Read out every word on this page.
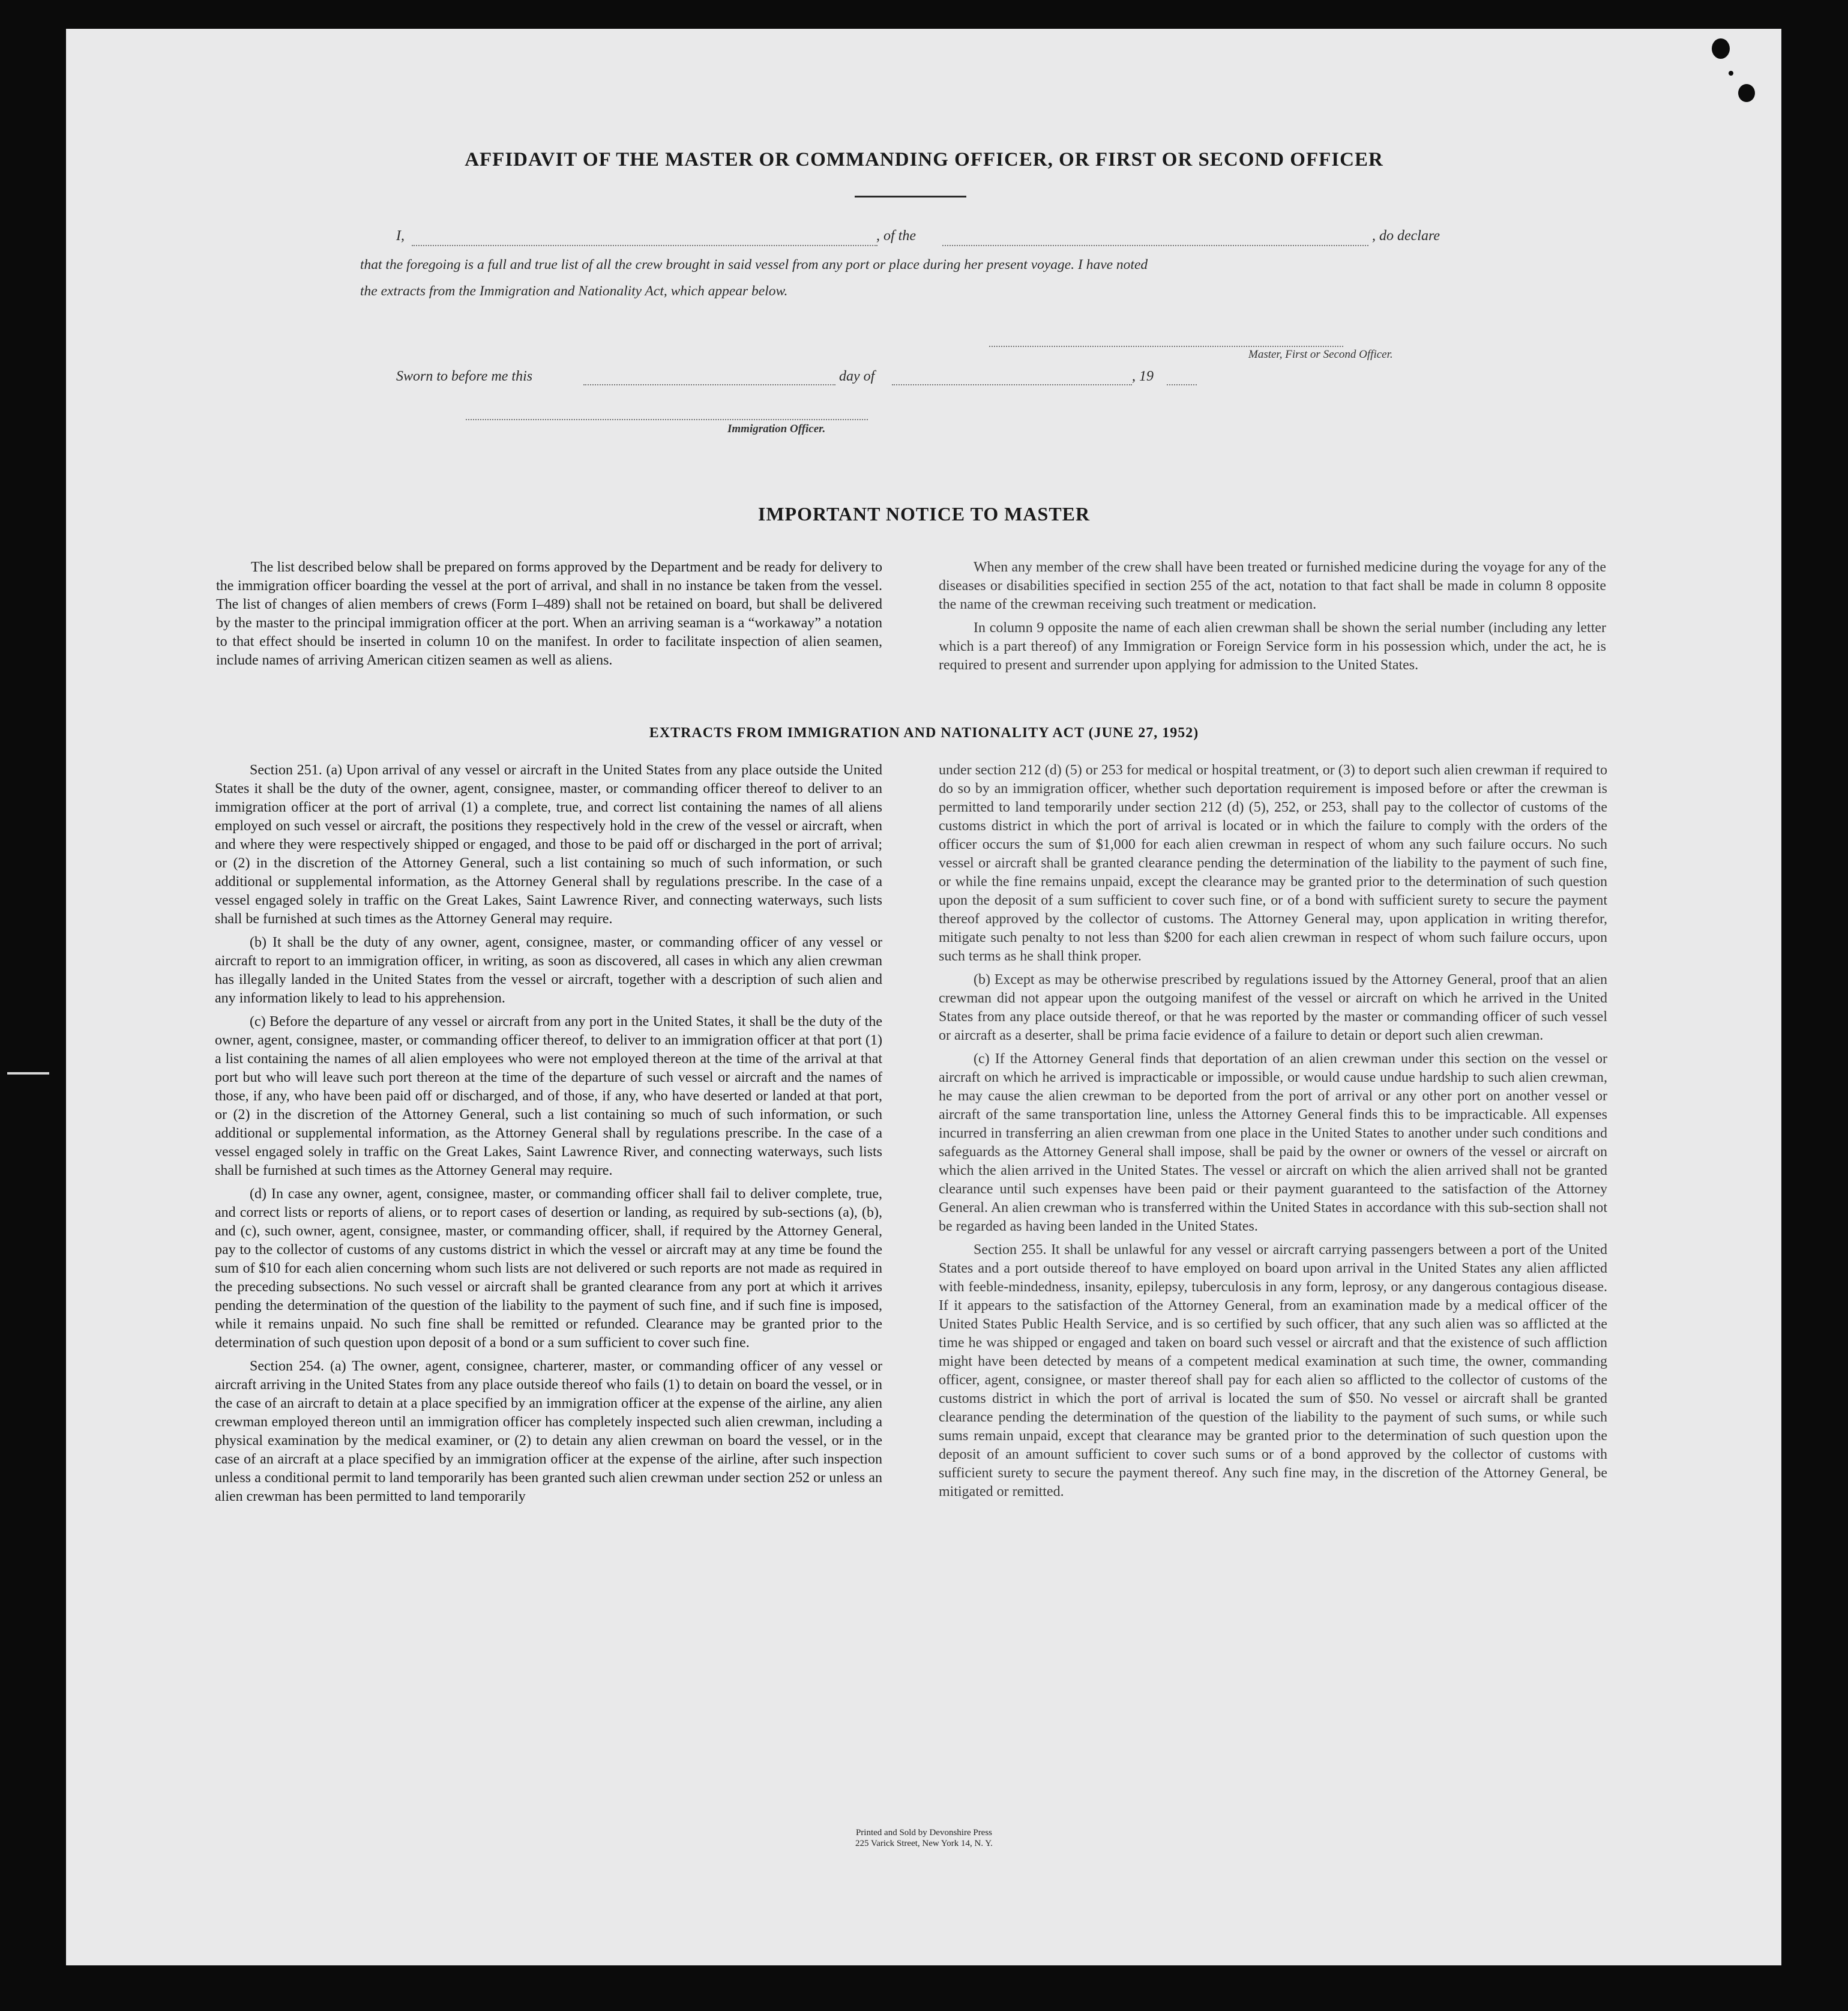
AFFIDAVIT OF THE MASTER OR COMMANDING OFFICER, OR FIRST OR SECOND OFFICER
I,	, of the	, do declare
that the foregoing is a full and true list of all the crew brought in said vessel from any port or place during her present voyage. I have noted
the extracts from the Immigration and Nationality Act, which appear below.
Master, First or Second Officer.
Sworn to before me this	day of	, 19
Immigration Officer.
IMPORTANT NOTICE TO MASTER

The list described below shall be prepared on forms approved by the Department and be ready for delivery to the immigration officer boarding the vessel at the port of arrival, and shall in no instance be taken from the vessel. The list of changes of alien members of crews (Form I–489) shall not be retained on board, but shall be delivered by the master to the principal immigration officer at the port. When an arriving seaman is a “workaway” a notation to that effect should be inserted in column 10 on the manifest. In order to facilitate inspection of alien seamen, include names of arriving American citizen seamen as well as aliens.

When any member of the crew shall have been treated or furnished medicine during the voyage for any of the diseases or disabilities specified in section 255 of the act, notation to that fact shall be made in column 8 opposite the name of the crewman receiving such treatment or medication.

In column 9 opposite the name of each alien crewman shall be shown the serial number (including any letter which is a part thereof) of any Immigration or Foreign Service form in his possession which, under the act, he is required to present and surrender upon applying for admission to the United States.

EXTRACTS FROM IMMIGRATION AND NATIONALITY ACT (JUNE 27, 1952)

Section 251. (a) Upon arrival of any vessel or aircraft in the United States from any place outside the United States it shall be the duty of the owner, agent, consignee, master, or commanding officer thereof to deliver to an immigration officer at the port of arrival (1) a complete, true, and correct list containing the names of all aliens employed on such vessel or aircraft, the positions they respectively hold in the crew of the vessel or aircraft, when and where they were respectively shipped or engaged, and those to be paid off or discharged in the port of arrival; or (2) in the discretion of the Attorney General, such a list containing so much of such information, or such additional or supplemental information, as the Attorney General shall by regulations prescribe. In the case of a vessel engaged solely in traffic on the Great Lakes, Saint Lawrence River, and connecting waterways, such lists shall be furnished at such times as the Attorney General may require.

(b) It shall be the duty of any owner, agent, consignee, master, or commanding officer of any vessel or aircraft to report to an immigration officer, in writing, as soon as discovered, all cases in which any alien crewman has illegally landed in the United States from the vessel or aircraft, together with a description of such alien and any information likely to lead to his apprehension.

(c) Before the departure of any vessel or aircraft from any port in the United States, it shall be the duty of the owner, agent, consignee, master, or commanding officer thereof, to deliver to an immigration officer at that port (1) a list containing the names of all alien employees who were not employed thereon at the time of the arrival at that port but who will leave such port thereon at the time of the departure of such vessel or aircraft and the names of those, if any, who have been paid off or discharged, and of those, if any, who have deserted or landed at that port, or (2) in the discretion of the Attorney General, such a list containing so much of such information, or such additional or supplemental information, as the Attorney General shall by regulations prescribe. In the case of a vessel engaged solely in traffic on the Great Lakes, Saint Lawrence River, and connecting waterways, such lists shall be furnished at such times as the Attorney General may require.

(d) In case any owner, agent, consignee, master, or commanding officer shall fail to deliver complete, true, and correct lists or reports of aliens, or to report cases of desertion or landing, as required by sub-sections (a), (b), and (c), such owner, agent, consignee, master, or commanding officer, shall, if required by the Attorney General, pay to the collector of customs of any customs district in which the vessel or aircraft may at any time be found the sum of $10 for each alien concerning whom such lists are not delivered or such reports are not made as required in the preceding subsections. No such vessel or aircraft shall be granted clearance from any port at which it arrives pending the determination of the question of the liability to the payment of such fine, and if such fine is imposed, while it remains unpaid. No such fine shall be remitted or refunded. Clearance may be granted prior to the determination of such question upon deposit of a bond or a sum sufficient to cover such fine.

Section 254. (a) The owner, agent, consignee, charterer, master, or commanding officer of any vessel or aircraft arriving in the United States from any place outside thereof who fails (1) to detain on board the vessel, or in the case of an aircraft to detain at a place specified by an immigration officer at the expense of the airline, any alien crewman employed thereon until an immigration officer has completely inspected such alien crewman, including a physical examination by the medical examiner, or (2) to detain any alien crewman on board the vessel, or in the case of an aircraft at a place specified by an immigration officer at the expense of the airline, after such inspection unless a conditional permit to land temporarily has been granted such alien crewman under section 252 or unless an alien crewman has been permitted to land temporarily

under section 212 (d) (5) or 253 for medical or hospital treatment, or (3) to deport such alien crewman if required to do so by an immigration officer, whether such deportation requirement is imposed before or after the crewman is permitted to land temporarily under section 212 (d) (5), 252, or 253, shall pay to the collector of customs of the customs district in which the port of arrival is located or in which the failure to comply with the orders of the officer occurs the sum of $1,000 for each alien crewman in respect of whom any such failure occurs. No such vessel or aircraft shall be granted clearance pending the determination of the liability to the payment of such fine, or while the fine remains unpaid, except the clearance may be granted prior to the determination of such question upon the deposit of a sum sufficient to cover such fine, or of a bond with sufficient surety to secure the payment thereof approved by the collector of customs. The Attorney General may, upon application in writing therefor, mitigate such penalty to not less than $200 for each alien crewman in respect of whom such failure occurs, upon such terms as he shall think proper.

(b) Except as may be otherwise prescribed by regulations issued by the Attorney General, proof that an alien crewman did not appear upon the outgoing manifest of the vessel or aircraft on which he arrived in the United States from any place outside thereof, or that he was reported by the master or commanding officer of such vessel or aircraft as a deserter, shall be prima facie evidence of a failure to detain or deport such alien crewman.

(c) If the Attorney General finds that deportation of an alien crewman under this section on the vessel or aircraft on which he arrived is impracticable or impossible, or would cause undue hardship to such alien crewman, he may cause the alien crewman to be deported from the port of arrival or any other port on another vessel or aircraft of the same transportation line, unless the Attorney General finds this to be impracticable. All expenses incurred in transferring an alien crewman from one place in the United States to another under such conditions and safeguards as the Attorney General shall impose, shall be paid by the owner or owners of the vessel or aircraft on which the alien arrived in the United States. The vessel or aircraft on which the alien arrived shall not be granted clearance until such expenses have been paid or their payment guaranteed to the satisfaction of the Attorney General. An alien crewman who is transferred within the United States in accordance with this sub-section shall not be regarded as having been landed in the United States.

Section 255. It shall be unlawful for any vessel or aircraft carrying passengers between a port of the United States and a port outside thereof to have employed on board upon arrival in the United States any alien afflicted with feeble-mindedness, insanity, epilepsy, tuberculosis in any form, leprosy, or any dangerous contagious disease. If it appears to the satisfaction of the Attorney General, from an examination made by a medical officer of the United States Public Health Service, and is so certified by such officer, that any such alien was so afflicted at the time he was shipped or engaged and taken on board such vessel or aircraft and that the existence of such affliction might have been detected by means of a competent medical examination at such time, the owner, commanding officer, agent, consignee, or master thereof shall pay for each alien so afflicted to the collector of customs of the customs district in which the port of arrival is located the sum of $50. No vessel or aircraft shall be granted clearance pending the determination of the question of the liability to the payment of such sums, or while such sums remain unpaid, except that clearance may be granted prior to the determination of such question upon the deposit of an amount sufficient to cover such sums or of a bond approved by the collector of customs with sufficient surety to secure the payment thereof. Any such fine may, in the discretion of the Attorney General, be mitigated or remitted.

Printed and Sold by Devonshire Press
225 Varick Street, New York 14, N. Y.
